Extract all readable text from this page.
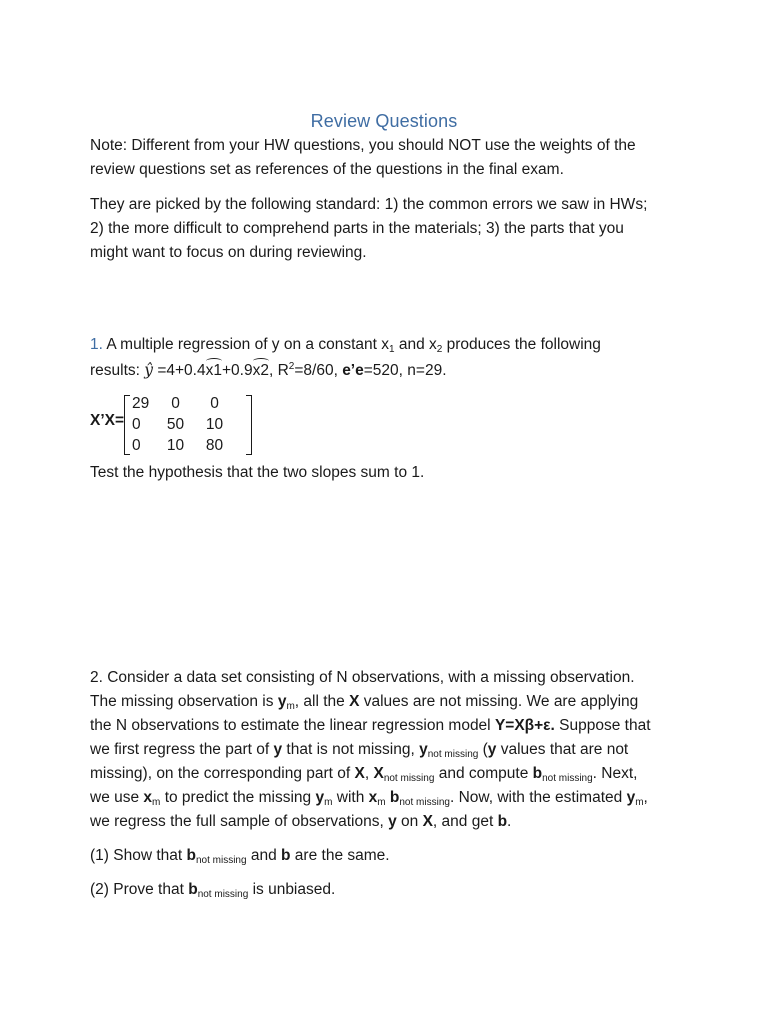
Review Questions

Note: Different from your HW questions, you should NOT use the weights of the
review questions set as references of the questions in the final exam.

They are picked by the following standard: 1) the common errors we saw in HWs;
2) the more difficult to comprehend parts in the materials; 3) the parts that you
might want to focus on during reviewing.

1. A multiple regression of y on a constant $x_1$ and $x_2$ produces the following
results: ŷ =4+0.4x1+0.9x2, $R^2=8/60$, e’e=520, n=29.

X’X=
29	0	0
0	50	10
0	10	80

Test the hypothesis that the two slopes sum to 1.

2. Consider a data set consisting of N observations, with a missing observation.
The missing observation is $y_m$, all the X values are not missing. We are applying
the N observations to estimate the linear regression model Y=Xβ+ε. Suppose that
we first regress the part of y that is not missing, $y_{not missing}$ (y values that are not
missing), on the corresponding part of X, $X_{not missing}$ and compute $b_{not missing}$. Next,
we use $x_m$ to predict the missing $y_m$ with $x_m$ $b_{not missing}$. Now, with the estimated $y_m$,
we regress the full sample of observations, y on X, and get b.

(1) Show that $b_{not missing}$ and b are the same.

(2) Prove that $b_{not missing}$ is unbiased.
